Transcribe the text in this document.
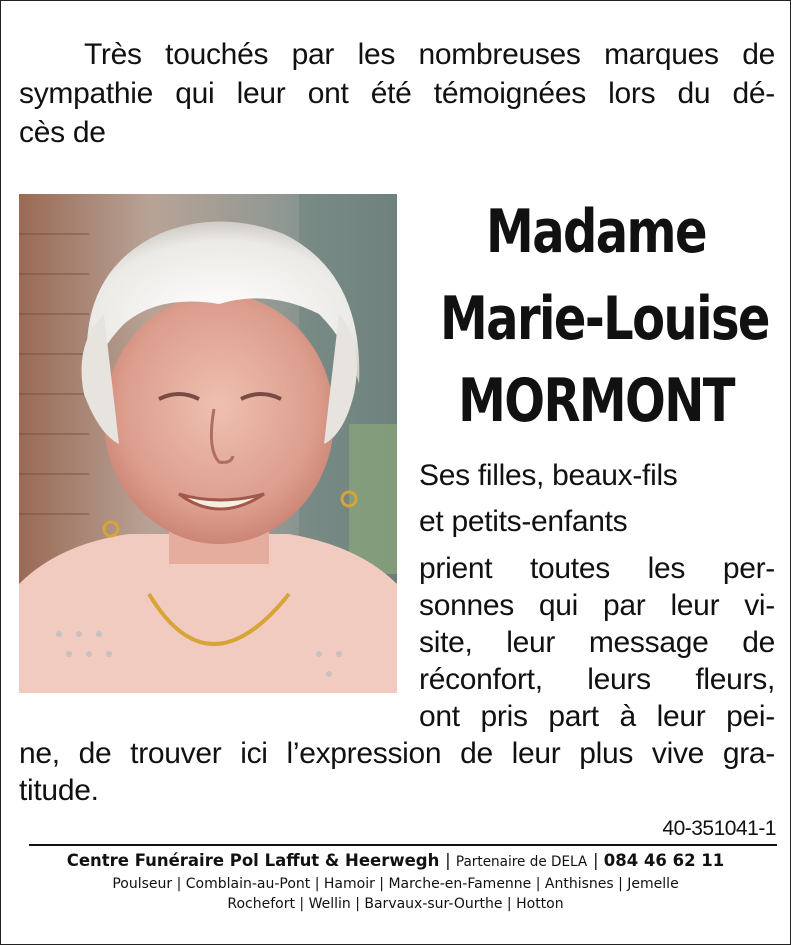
Très touchés par les nombreuses marques de
sympathie qui leur ont été témoignées lors du dé-
cès de
Madame
Marie-Louise
MORMONT
Ses filles, beaux-fils
et petits-enfants
prient toutes les per-
sonnes qui par leur vi-
site, leur message de
réconfort, leurs fleurs,
ont pris part à leur pei-
ne, de trouver ici l’expression de leur plus vive gra-
titude.
40-351041-1
Centre Funéraire Pol Laffut & Heerwegh | Partenaire de DELA | 084 46 62 11
Poulseur | Comblain-au-Pont | Hamoir | Marche-en-Famenne | Anthisnes | Jemelle
Rochefort | Wellin | Barvaux-sur-Ourthe | Hotton
